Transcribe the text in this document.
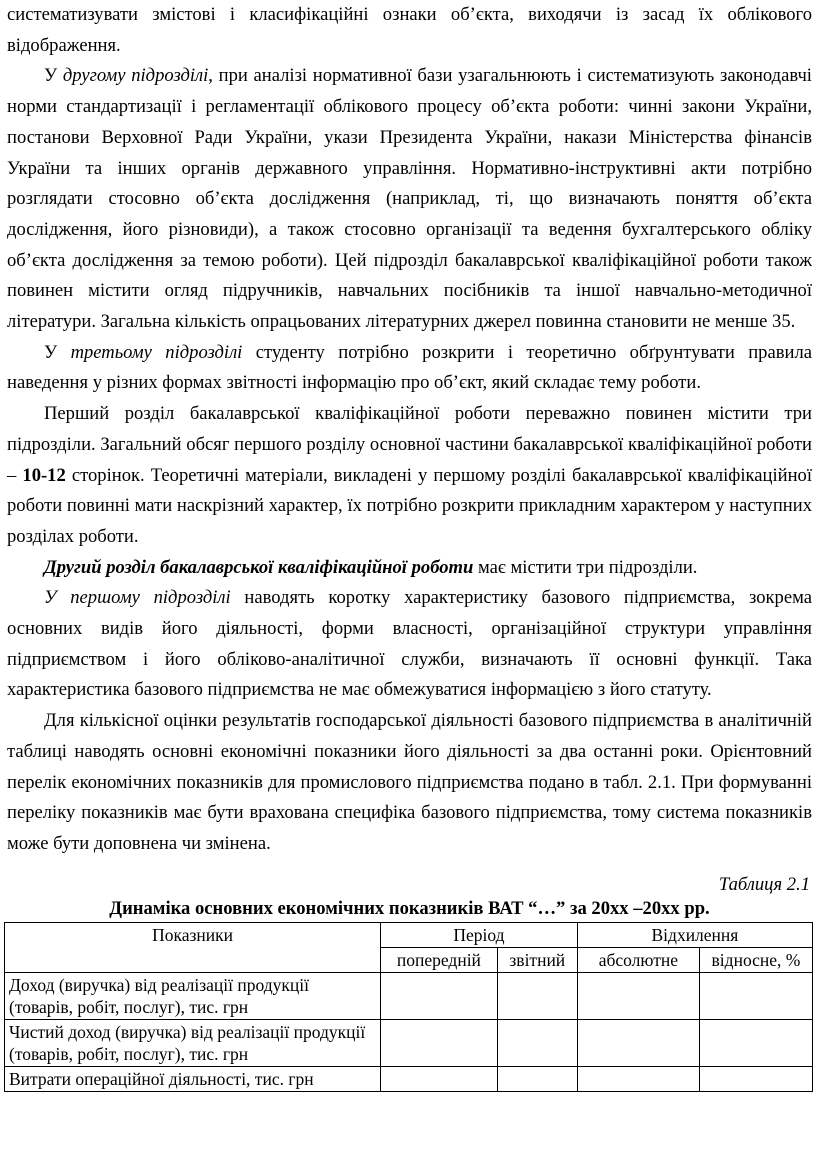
систематизувати змістові і класифікаційні ознаки об’єкта, виходячи із засад їх облікового відображення.

У другому підрозділі, при аналізі нормативної бази узагальнюють і систематизують законодавчі норми стандартизації і регламентації облікового процесу об’єкта роботи: чинні закони України, постанови Верховної Ради України, укази Президента України, накази Міністерства фінансів України та інших органів державного управління. Нормативно-інструктивні акти потрібно розглядати стосовно об’єкта дослідження (наприклад, ті, що визначають поняття об’єкта дослідження, його різновиди), а також стосовно організації та ведення бухгалтерського обліку об’єкта дослідження за темою роботи). Цей підрозділ бакалаврської кваліфікаційної роботи також повинен містити огляд підручників, навчальних посібників та іншої навчально-методичної літератури. Загальна кількість опрацьованих літературних джерел повинна становити не менше 35.

У третьому підрозділі студенту потрібно розкрити і теоретично обґрунтувати правила наведення у різних формах звітності інформацію про об’єкт, який складає тему роботи.

Перший розділ бакалаврської кваліфікаційної роботи переважно повинен містити три підрозділи. Загальний обсяг першого розділу основної частини бакалаврської кваліфікаційної роботи – 10-12 сторінок. Теоретичні матеріали, викладені у першому розділі бакалаврської кваліфікаційної роботи повинні мати наскрізний характер, їх потрібно розкрити прикладним характером у наступних розділах роботи.

Другий розділ бакалаврської кваліфікаційної роботи має містити три підрозділи.

У першому підрозділі наводять коротку характеристику базового підприємства, зокрема основних видів його діяльності, форми власності, організаційної структури управління підприємством і його обліково-аналітичної служби, визначають її основні функції. Така характеристика базового підприємства не має обмежуватися інформацією з його статуту.

Для кількісної оцінки результатів господарської діяльності базового підприємства в аналітичній таблиці наводять основні економічні показники його діяльності за два останні роки. Орієнтовний перелік економічних показників для промислового підприємства подано в табл. 2.1. При формуванні переліку показників має бути врахована специфіка базового підприємства, тому система показників може бути доповнена чи змінена.

Таблиця 2.1
Динаміка основних економічних показників ВАТ “…” за 20хх –20хх рр.
Показники	Період		Відхилення	
	попередній	звітний	абсолютне	відносне, %
Доход (виручка) від реалізації продукції (товарів, робіт, послуг), тис. грн				
Чистий доход (виручка) від реалізації продукції (товарів, робіт, послуг), тис. грн				
Витрати операційної діяльності, тис. грн				
